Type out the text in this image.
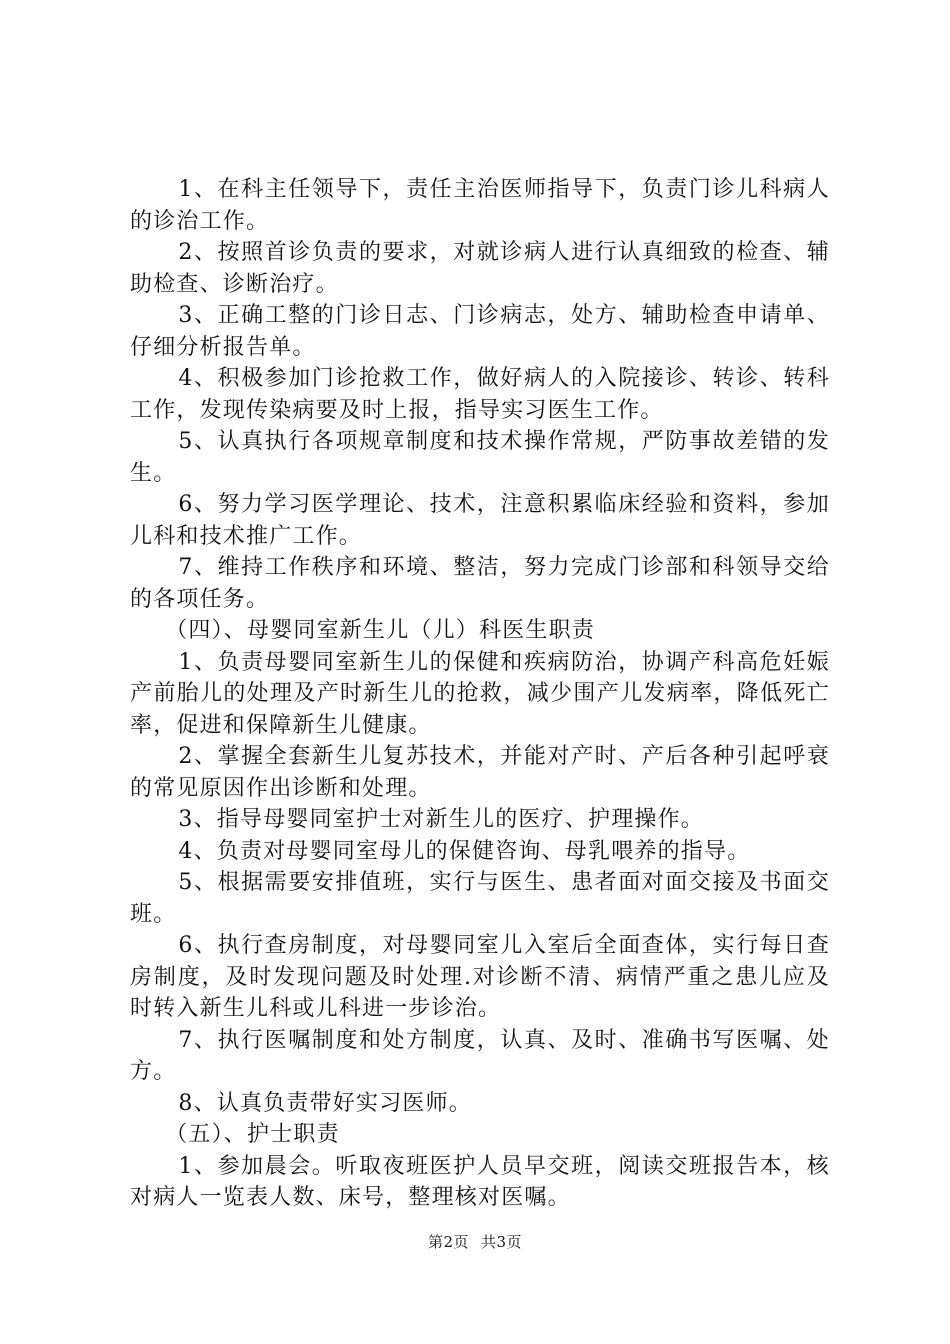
1、在科主任领导下，责任主治医师指导下，负责门诊儿科病人的诊治工作。

2、按照首诊负责的要求，对就诊病人进行认真细致的检查、辅助检查、诊断治疗。

3、正确工整的门诊日志、门诊病志，处方、辅助检查申请单、仔细分析报告单。

4、积极参加门诊抢救工作，做好病人的入院接诊、转诊、转科工作，发现传染病要及时上报，指导实习医生工作。

5、认真执行各项规章制度和技术操作常规，严防事故差错的发生。

6、努力学习医学理论、技术，注意积累临床经验和资料，参加儿科和技术推广工作。

7、维持工作秩序和环境、整洁，努力完成门诊部和科领导交给的各项任务。

（四）、母婴同室新生儿（儿）科医生职责

1、负责母婴同室新生儿的保健和疾病防治，协调产科高危妊娠产前胎儿的处理及产时新生儿的抢救，减少围产儿发病率，降低死亡率，促进和保障新生儿健康。

2、掌握全套新生儿复苏技术，并能对产时、产后各种引起呼衰的常见原因作出诊断和处理。

3、指导母婴同室护士对新生儿的医疗、护理操作。

4、负责对母婴同室母儿的保健咨询、母乳喂养的指导。

5、根据需要安排值班，实行与医生、患者面对面交接及书面交班。

6、执行查房制度，对母婴同室儿入室后全面查体，实行每日查房制度，及时发现问题及时处理.对诊断不清、病情严重之患儿应及时转入新生儿科或儿科进一步诊治。

7、执行医嘱制度和处方制度，认真、及时、准确书写医嘱、处方。

8、认真负责带好实习医师。

（五）、护士职责

1、参加晨会。听取夜班医护人员早交班，阅读交班报告本，核对病人一览表人数、床号，整理核对医嘱。

第2页 共3页
